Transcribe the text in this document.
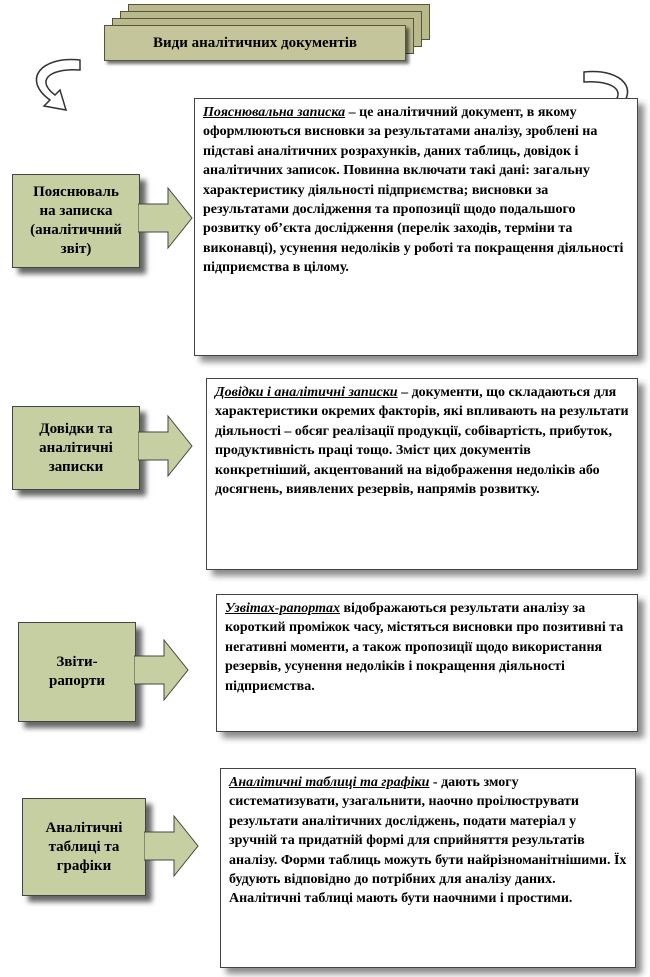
Види аналітичних документів
Пояснюваль
на записка
(аналітичний
звіт)
Пояснювальна записка – це аналітичний документ, в якому оформлюються висновки за результатами аналізу, зроблені на підставі аналітичних розрахунків, даних таблиць, довідок і аналітичних записок. Повинна включати такі дані: загальну характеристику діяльності підприємства; висновки за результатами дослідження та пропозиції щодо подальшого розвитку об’єкта дослідження (перелік заходів, терміни та виконавці), усунення недоліків у роботі та покращення діяльності підприємства в цілому.
Довідки та
аналітичні
записки
Довідки і аналітичні записки – документи, що складаються для характеристики окремих факторів, які впливають на результати діяльності – обсяг реалізації продукції, собівартість, прибуток, продуктивність праці тощо. Зміст цих документів конкретніший, акцентований на відображення недоліків або досягнень, виявлених резервів, напрямів розвитку.
Звіти-
рапорти
Узвітах-рапортах відображаються результати аналізу за короткий проміжок часу, містяться висновки про позитивні та негативні моменти, а також пропозиції щодо використання резервів, усунення недоліків і покращення діяльності підприємства.
Аналітичні
таблиці та
графіки
Аналітичні таблиці та графіки - дають змогу систематизувати, узагальнити, наочно проілюструвати результати аналітичних досліджень, подати матеріал у зручній та придатній формі для сприйняття результатів аналізу. Форми таблиць можуть бути найрізноманітнішими. Їх будують відповідно до потрібних для аналізу даних. Аналітичні таблиці мають бути наочними і простими.
